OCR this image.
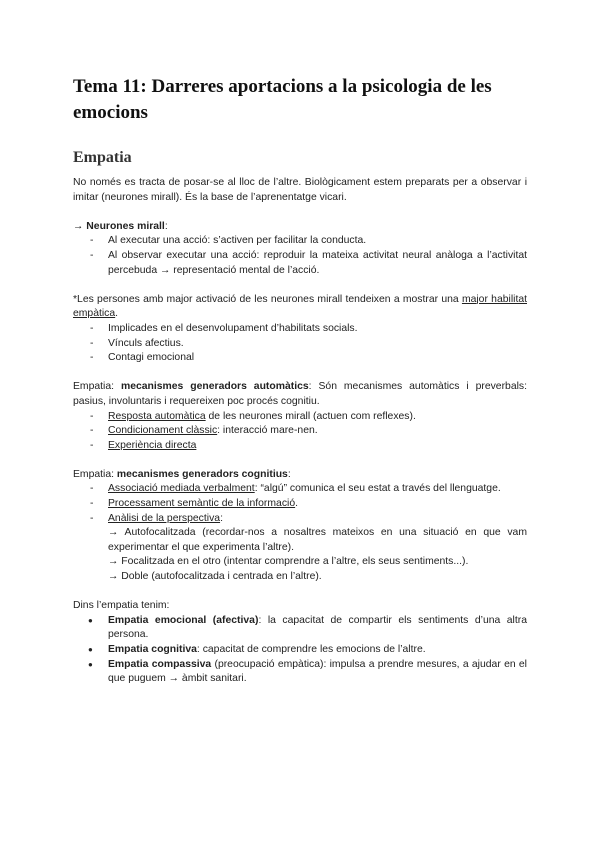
Tema 11: Darreres aportacions a la psicologia de les emocions
Empatia

No només es tracta de posar-se al lloc de l’altre. Biològicament estem preparats per a observar i imitar (neurones mirall). És la base de l’aprenentatge vicari.

→ Neurones mirall:

- Al executar una acció: s’activen per facilitar la conducta.
- Al observar executar una acció: reproduir la mateixa activitat neural anàloga a l’activitat percebuda → representació mental de l’acció.

*Les persones amb major activació de les neurones mirall tendeixen a mostrar una major habilitat empàtica.

- Implicades en el desenvolupament d’habilitats socials.
- Vínculs afectius.
- Contagi emocional

Empatia: mecanismes generadors automàtics: Són mecanismes automàtics i preverbals: pasius, involuntaris i requereixen poc procés cognitiu.

- Resposta automàtica de les neurones mirall (actuen com reflexes).
- Condicionament clàssic: interacció mare-nen.
- Experiència directa

Empatia: mecanismes generadors cognitius:

- Associació mediada verbalment: “algú” comunica el seu estat a través del llenguatge.
- Processament semàntic de la informació.
- Anàlisi de la perspectiva:
→ Autofocalitzada (recordar-nos a nosaltres mateixos en una situació en que vam experimentar el que experimenta l’altre).
→ Focalitzada en el otro (intentar comprendre a l’altre, els seus sentiments...).
→ Doble (autofocalitzada i centrada en l’altre).

Dins l’empatia tenim:

● Empatia emocional (afectiva): la capacitat de compartir els sentiments d’una altra persona.
● Empatia cognitiva: capacitat de comprendre les emocions de l’altre.
● Empatia compassiva (preocupació empàtica): impulsa a prendre mesures, a ajudar en el que puguem → àmbit sanitari.
